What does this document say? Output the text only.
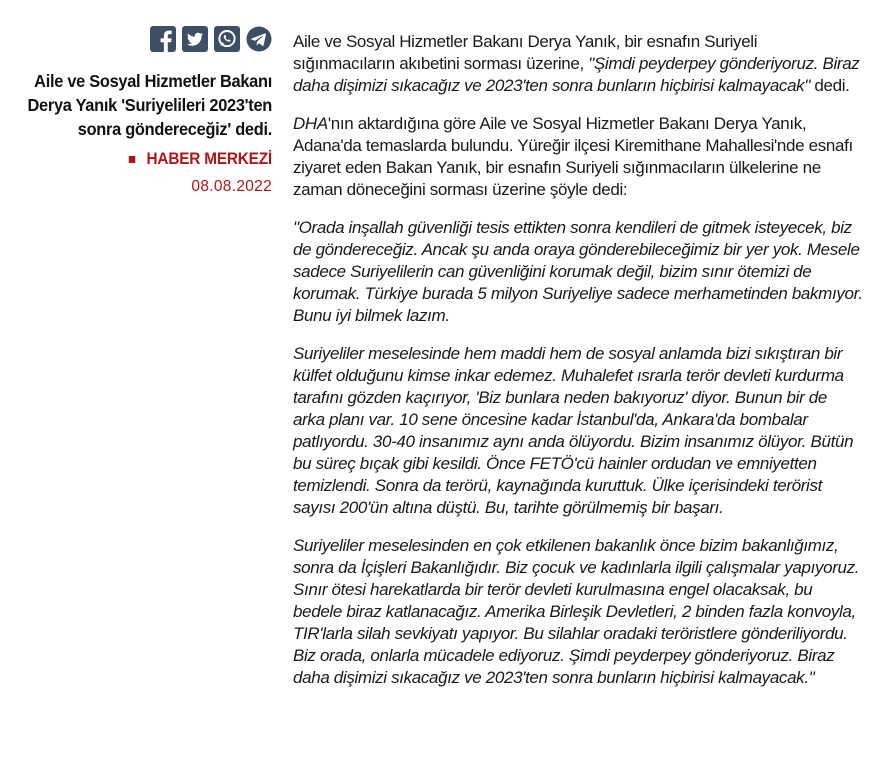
Aile ve Sosyal Hizmetler Bakanı Derya Yanık 'Suriyelileri 2023'ten sonra göndereceğiz' dedi.
HABER MERKEZİ
08.08.2022

Aile ve Sosyal Hizmetler Bakanı Derya Yanık, bir esnafın Suriyeli sığınmacıların akıbetini sorması üzerine, "Şimdi peyderpey gönderiyoruz. Biraz daha dişimizi sıkacağız ve 2023'ten sonra bunların hiçbirisi kalmayacak" dedi.

DHA'nın aktardığına göre Aile ve Sosyal Hizmetler Bakanı Derya Yanık, Adana'da temaslarda bulundu. Yüreğir ilçesi Kiremithane Mahallesi'nde esnafı ziyaret eden Bakan Yanık, bir esnafın Suriyeli sığınmacıların ülkelerine ne zaman döneceğini sorması üzerine şöyle dedi:

"Orada inşallah güvenliği tesis ettikten sonra kendileri de gitmek isteyecek, biz de göndereceğiz. Ancak şu anda oraya gönderebileceğimiz bir yer yok. Mesele sadece Suriyelilerin can güvenliğini korumak değil, bizim sınır ötemizi de korumak. Türkiye burada 5 milyon Suriyeliye sadece merhametinden bakmıyor. Bunu iyi bilmek lazım.

Suriyeliler meselesinde hem maddi hem de sosyal anlamda bizi sıkıştıran bir külfet olduğunu kimse inkar edemez. Muhalefet ısrarla terör devleti kurdurma tarafını gözden kaçırıyor, 'Biz bunlara neden bakıyoruz' diyor. Bunun bir de arka planı var. 10 sene öncesine kadar İstanbul'da, Ankara'da bombalar patlıyordu. 30-40 insanımız aynı anda ölüyordu. Bizim insanımız ölüyor. Bütün bu süreç bıçak gibi kesildi. Önce FETÖ'cü hainler ordudan ve emniyetten temizlendi. Sonra da terörü, kaynağında kuruttuk. Ülke içerisindeki terörist sayısı 200'ün altına düştü. Bu, tarihte görülmemiş bir başarı.

Suriyeliler meselesinden en çok etkilenen bakanlık önce bizim bakanlığımız, sonra da İçişleri Bakanlığıdır. Biz çocuk ve kadınlarla ilgili çalışmalar yapıyoruz. Sınır ötesi harekatlarda bir terör devleti kurulmasına engel olacaksak, bu bedele biraz katlanacağız. Amerika Birleşik Devletleri, 2 binden fazla konvoyla, TIR'larla silah sevkiyatı yapıyor. Bu silahlar oradaki teröristlere gönderiliyordu. Biz orada, onlarla mücadele ediyoruz. Şimdi peyderpey gönderiyoruz. Biraz daha dişimizi sıkacağız ve 2023'ten sonra bunların hiçbirisi kalmayacak."
